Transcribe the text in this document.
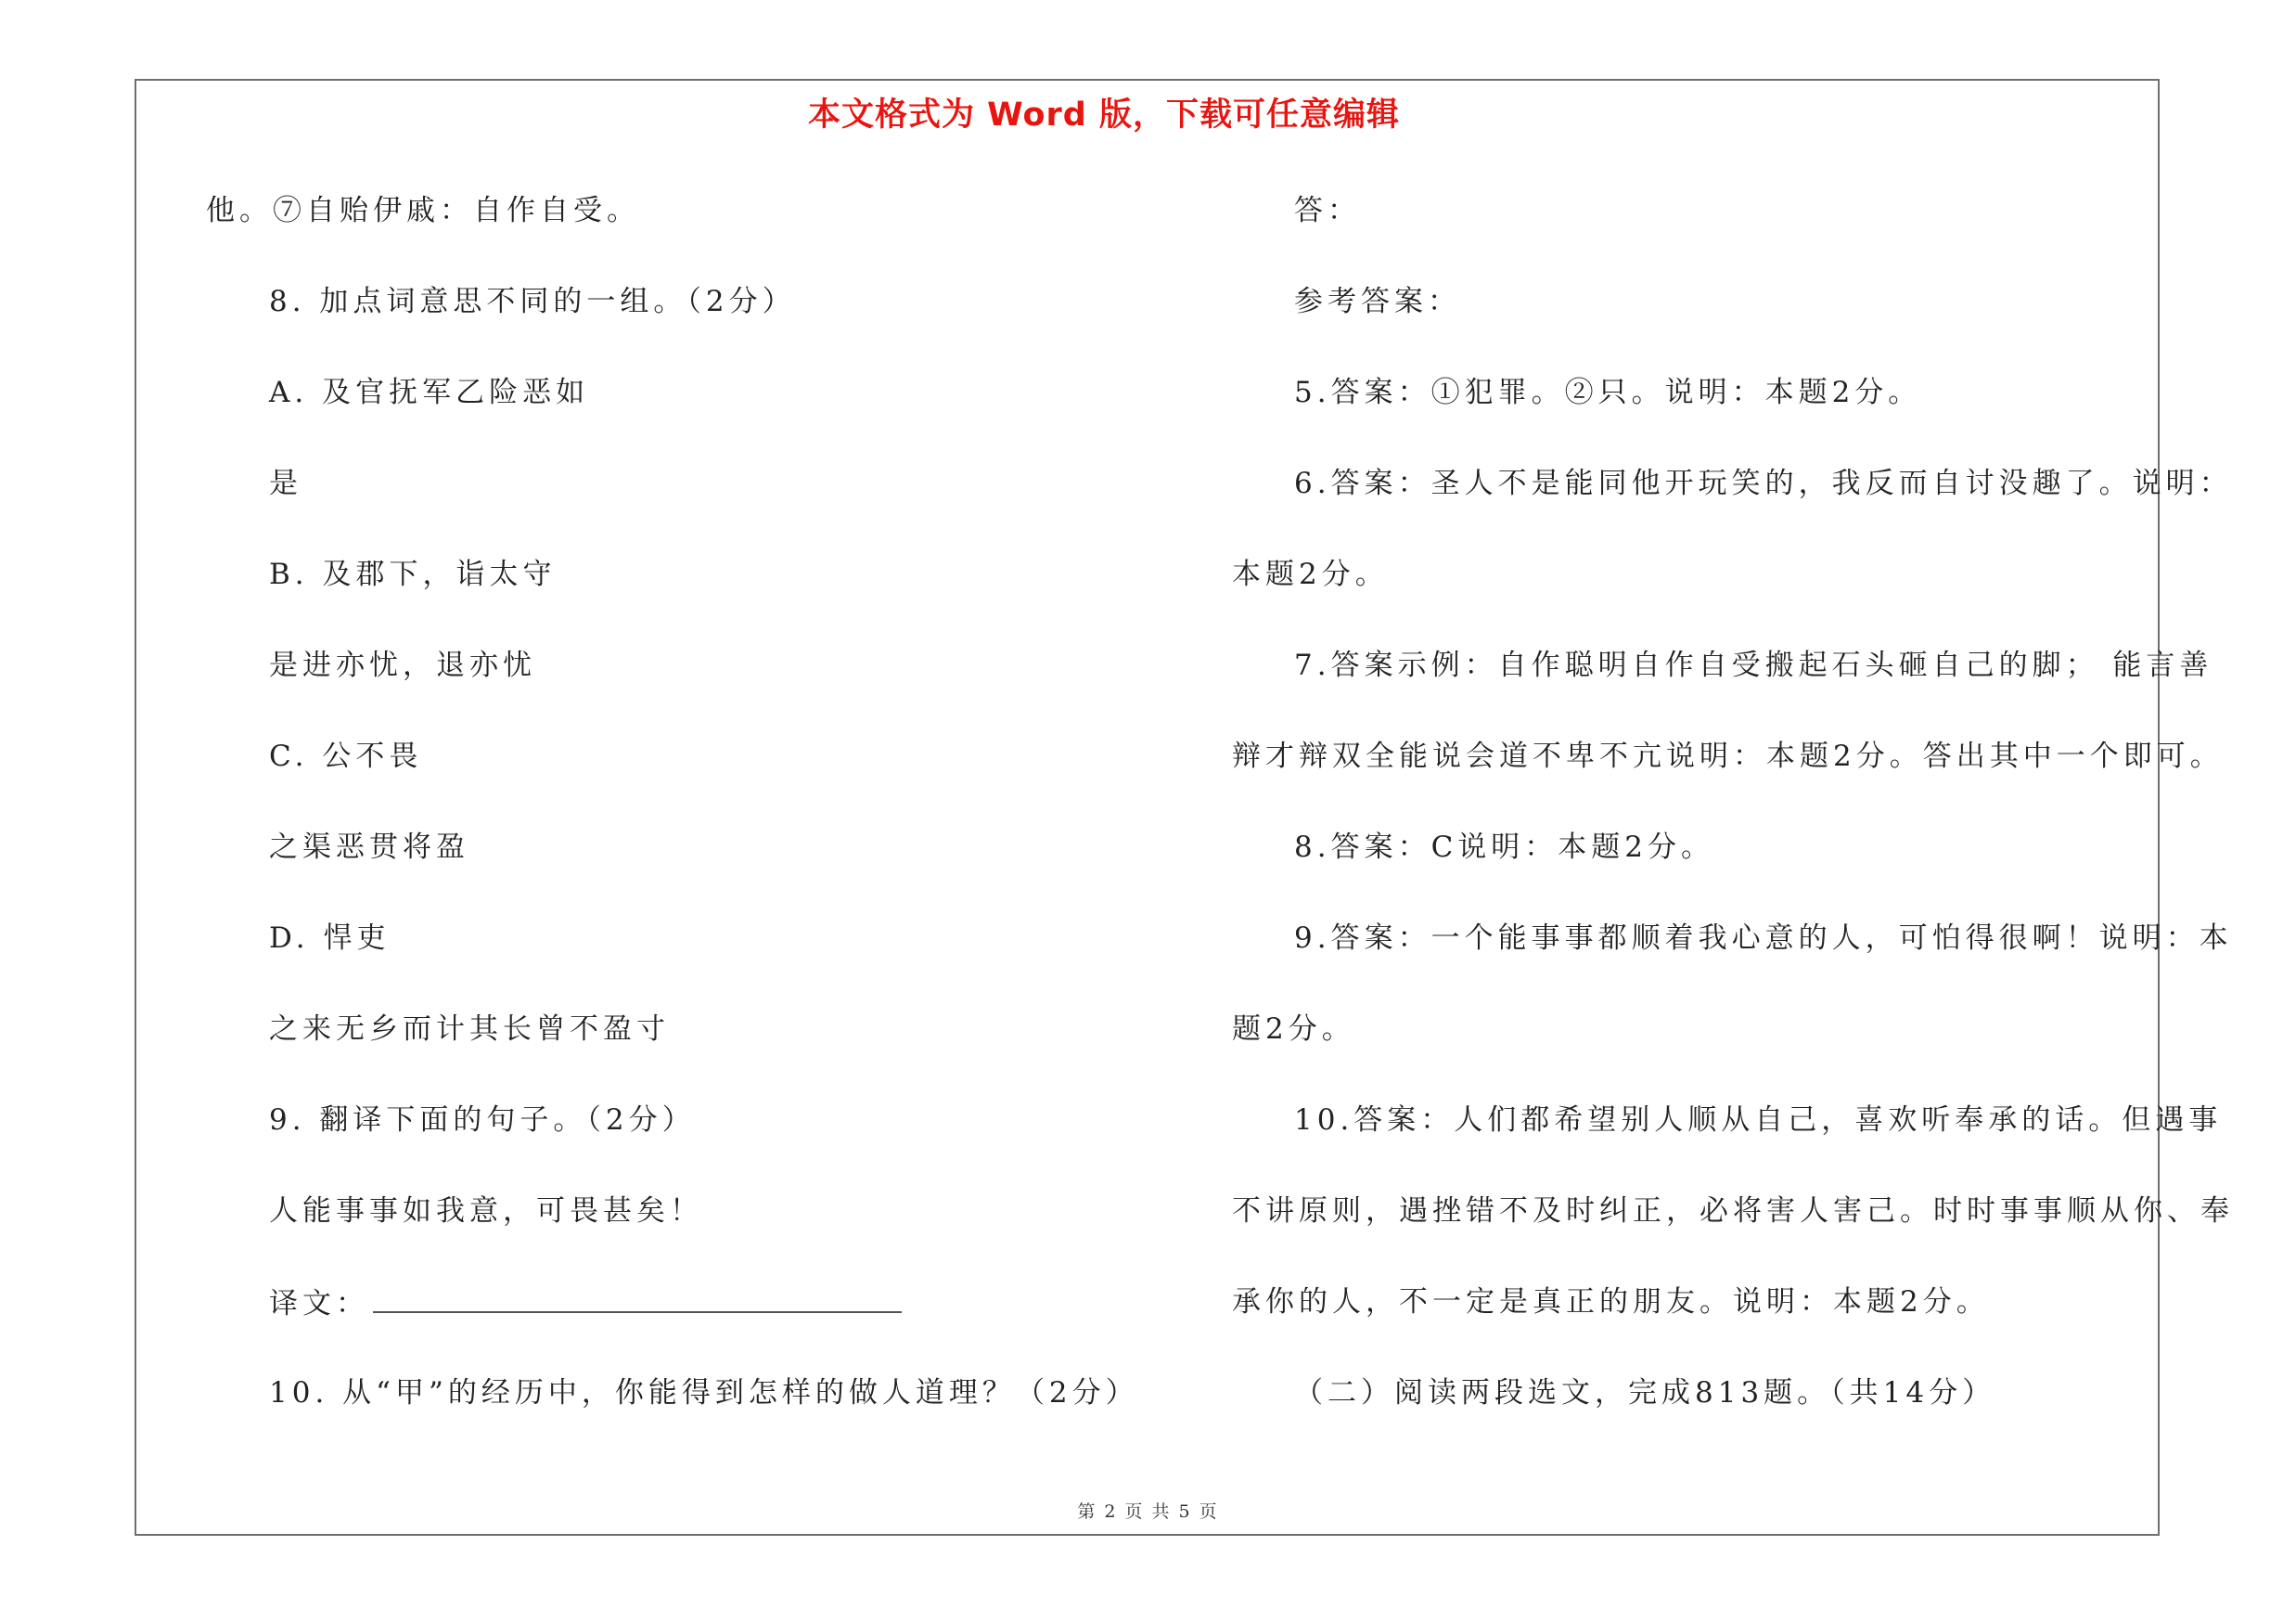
本文格式为 Word 版，下载可任意编辑
他。⑦自贻伊戚：自作自受。
8. 加点词意思不同的一组。（2分）
A. 及官抚军乙险恶如
是
B. 及郡下，诣太守
是进亦忧，退亦忧
C. 公不畏
之渠恶贯将盈
D. 悍吏
之来无乡而计其长曾不盈寸
9. 翻译下面的句子。（2分）
人能事事如我意，可畏甚矣！
译文：
10. 从“甲”的经历中，你能得到怎样的做人道理？（2分）
答：
参考答案：
5.答案：①犯罪。②只。说明：本题2分。
6.答案：圣人不是能同他开玩笑的，我反而自讨没趣了。说明：
本题2分。
7.答案示例：自作聪明自作自受搬起石头砸自己的脚； 能言善
辩才辩双全能说会道不卑不亢说明：本题2分。答出其中一个即可。
8.答案：C说明：本题2分。
9.答案：一个能事事都顺着我心意的人，可怕得很啊！说明：本
题2分。
10.答案：人们都希望别人顺从自己，喜欢听奉承的话。但遇事
不讲原则，遇挫错不及时纠正，必将害人害己。时时事事顺从你、奉
承你的人，不一定是真正的朋友。说明：本题2分。
（二）阅读两段选文，完成813题。（共14分）
第 2 页 共 5 页
